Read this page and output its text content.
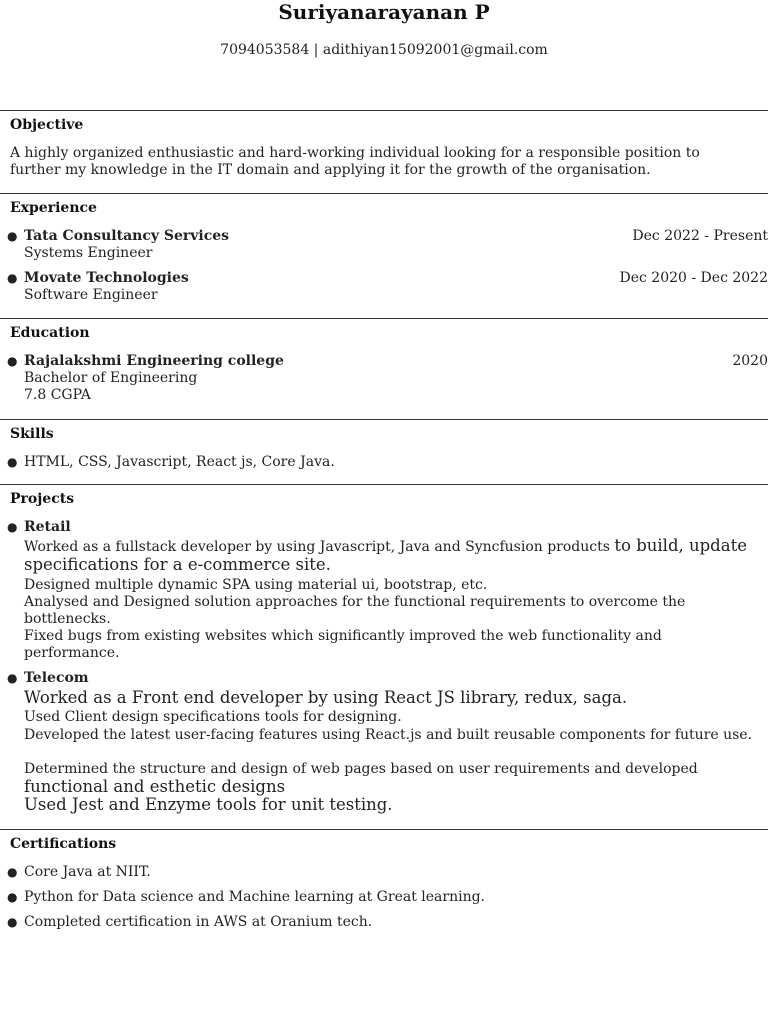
Suriyanarayanan P
7094053584 | adithiyan15092001@gmail.com
Objective
A highly organized enthusiastic and hard-working individual looking for a responsible position to further my knowledge in the IT domain and applying it for the growth of the organisation.
Experience
● Tata Consultancy Services	Dec 2022 - Present
Systems Engineer
● Movate Technologies	Dec 2020 - Dec 2022
Software Engineer
Education
● Rajalakshmi Engineering college	2020
Bachelor of Engineering
7.8 CGPA
Skills
● HTML, CSS, Javascript, React js, Core Java.
Projects
● Retail
Worked as a fullstack developer by using Javascript, Java and Syncfusion products to build, update specifications for a e-commerce site.
Designed multiple dynamic SPA using material ui, bootstrap, etc.
Analysed and Designed solution approaches for the functional requirements to overcome the bottlenecks.
Fixed bugs from existing websites which significantly improved the web functionality and performance.
● Telecom
Worked as a Front end developer by using React JS library, redux, saga.
Used Client design specifications tools for designing.
Developed the latest user-facing features using React.js and built reusable components for future use.
Determined the structure and design of web pages based on user requirements and developed functional and esthetic designs
Used Jest and Enzyme tools for unit testing.
Certifications
● Core Java at NIIT.
● Python for Data science and Machine learning at Great learning.
● Completed certification in AWS at Oranium tech.
